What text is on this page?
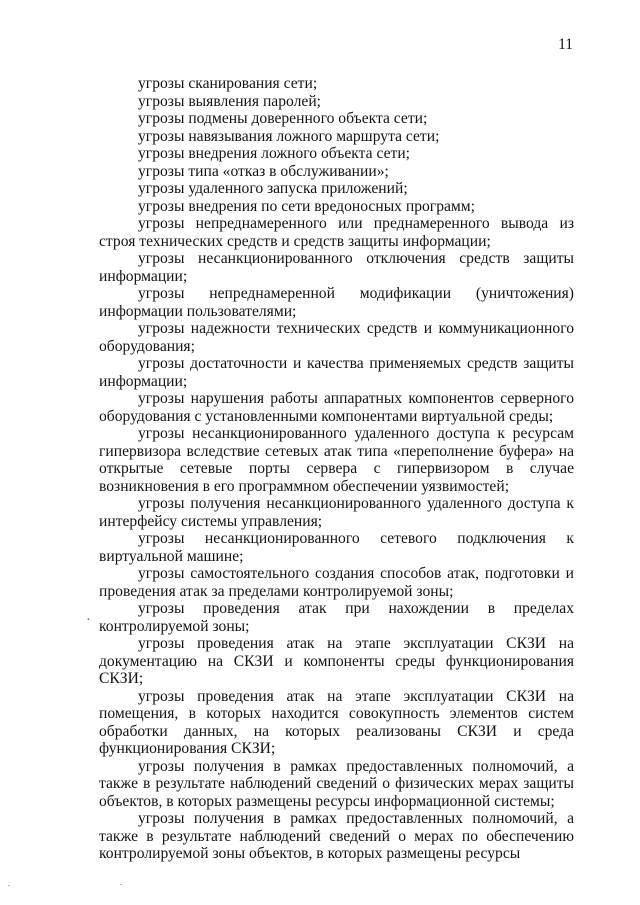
11

угрозы сканирования сети;

угрозы выявления паролей;

угрозы подмены доверенного объекта сети;

угрозы навязывания ложного маршрута сети;

угрозы внедрения ложного объекта сети;

угрозы типа «отказ в обслуживании»;

угрозы удаленного запуска приложений;

угрозы внедрения по сети вредоносных программ;

угрозы непреднамеренного или преднамеренного вывода из строя технических средств и средств защиты информации;

угрозы несанкционированного отключения средств защиты информации;

угрозы непреднамеренной модификации (уничтожения) информации пользователями;

угрозы надежности технических средств и коммуникационного оборудования;

угрозы достаточности и качества применяемых средств защиты информации;

угрозы нарушения работы аппаратных компонентов серверного оборудования с установленными компонентами виртуальной среды;

угрозы несанкционированного удаленного доступа к ресурсам гипервизора вследствие сетевых атак типа «переполнение буфера» на открытые сетевые порты сервера с гипервизором в случае возникновения в его программном обеспечении уязвимостей;

угрозы получения несанкционированного удаленного доступа к интерфейсу системы управления;

угрозы несанкционированного сетевого подключения к виртуальной машине;

угрозы самостоятельного создания способов атак, подготовки и проведения атак за пределами контролируемой зоны;

угрозы проведения атак при нахождении в пределах контролируемой зоны;

угрозы проведения атак на этапе эксплуатации СКЗИ на документацию на СКЗИ и компоненты среды функционирования СКЗИ;

угрозы проведения атак на этапе эксплуатации СКЗИ на помещения, в которых находится совокупность элементов систем обработки данных, на которых реализованы СКЗИ и среда функционирования СКЗИ;

угрозы получения в рамках предоставленных полномочий, а также в результате наблюдений сведений о физических мерах защиты объектов, в которых размещены ресурсы информационной системы;

угрозы получения в рамках предоставленных полномочий, а также в результате наблюдений сведений о мерах по обеспечению контролируемой зоны объектов, в которых размещены ресурсы

·
